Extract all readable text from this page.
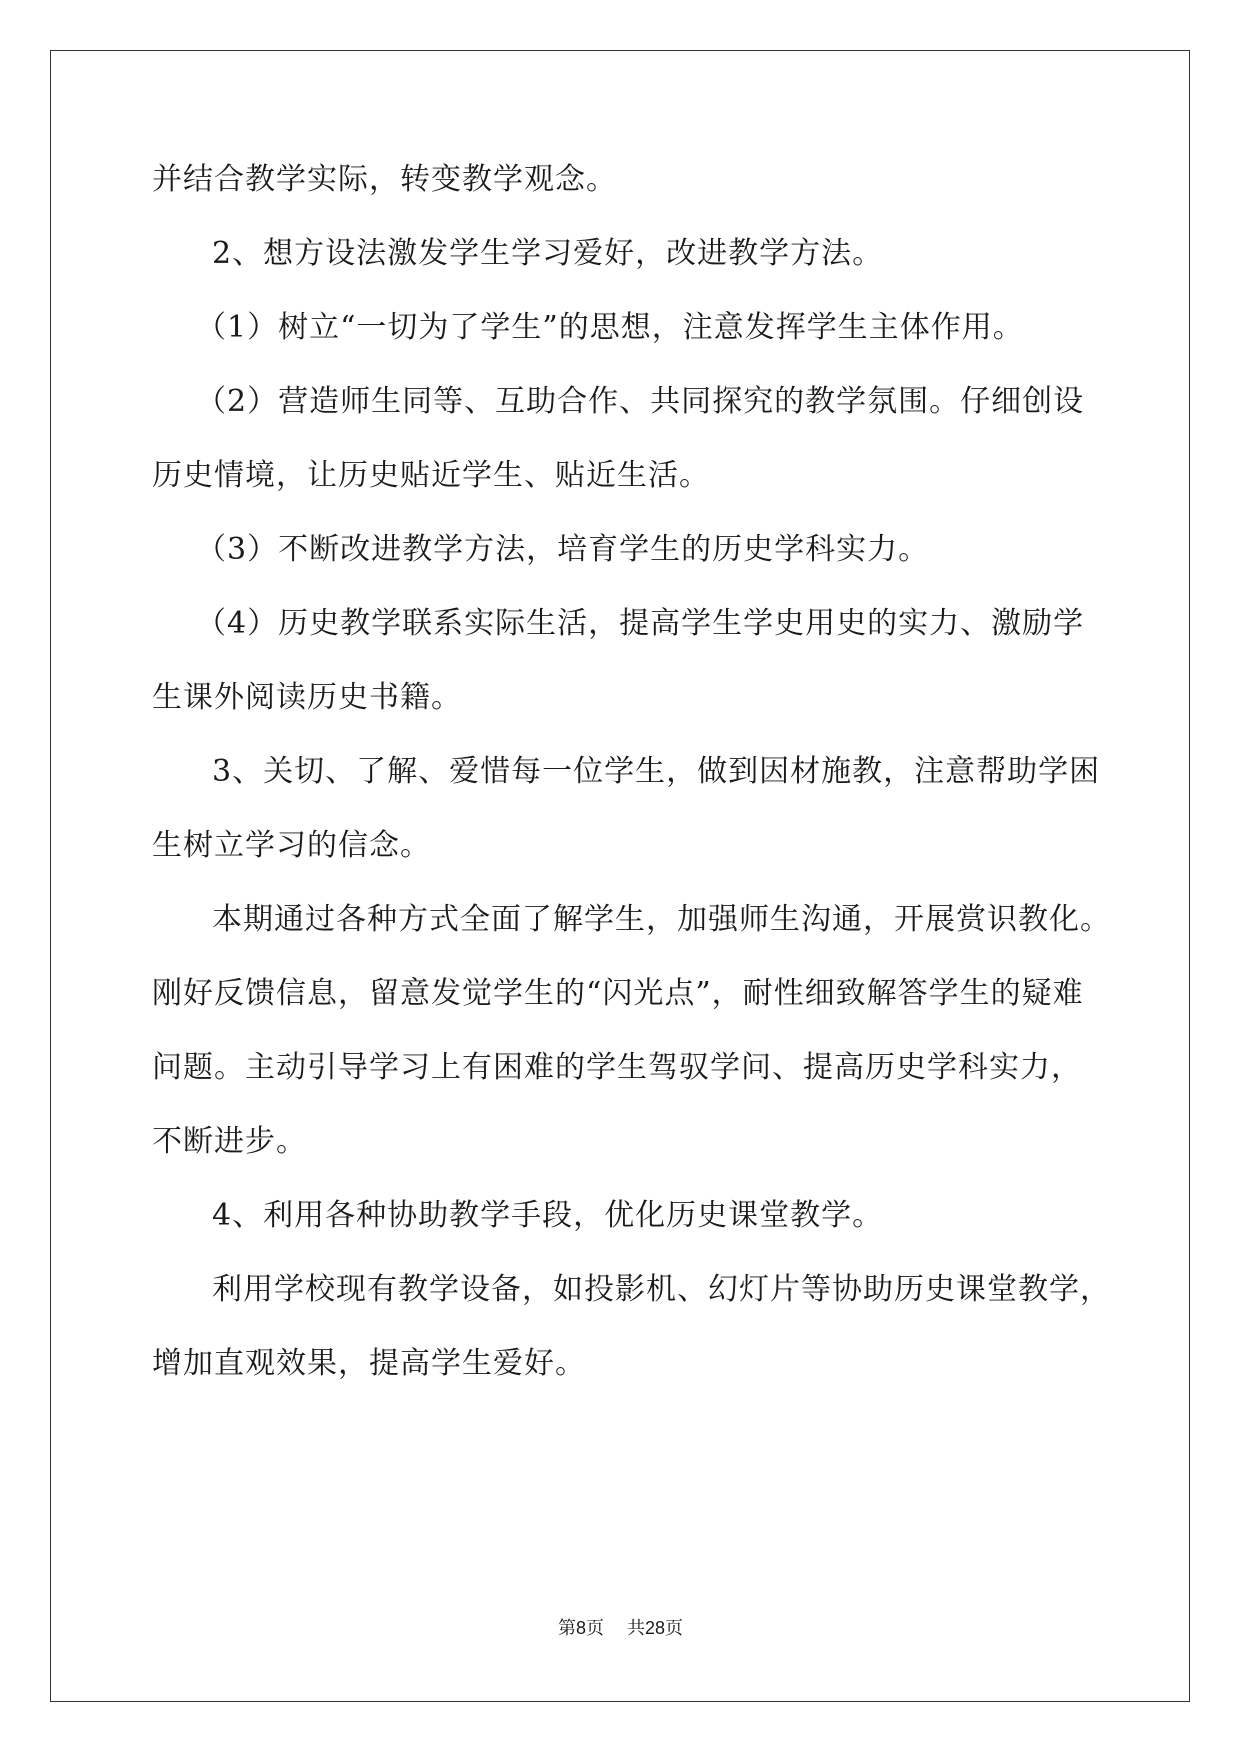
并结合教学实际，转变教学观念。
2、想方设法激发学生学习爱好，改进教学方法。
（1）树立“一切为了学生”的思想，注意发挥学生主体作用。
（2）营造师生同等、互助合作、共同探究的教学氛围。仔细创设
历史情境，让历史贴近学生、贴近生活。
（3）不断改进教学方法，培育学生的历史学科实力。
（4）历史教学联系实际生活，提高学生学史用史的实力、激励学
生课外阅读历史书籍。
3、关切、了解、爱惜每一位学生，做到因材施教，注意帮助学困
生树立学习的信念。
本期通过各种方式全面了解学生，加强师生沟通，开展赏识教化。
刚好反馈信息，留意发觉学生的“闪光点”，耐性细致解答学生的疑难
问题。主动引导学习上有困难的学生驾驭学问、提高历史学科实力，
不断进步。
4、利用各种协助教学手段，优化历史课堂教学。
利用学校现有教学设备，如投影机、幻灯片等协助历史课堂教学，
增加直观效果，提高学生爱好。
第8页 共28页
